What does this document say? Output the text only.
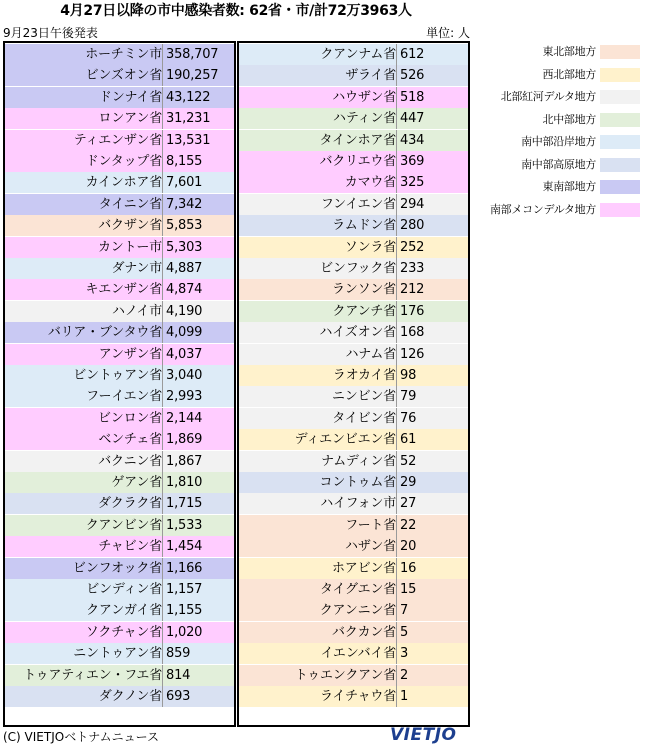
4月27日以降の市中感染者数: 62省・市/計72万3963人
9月23日午後発表	単位: 人
ホーチミン市 358,707
ビンズオン省 190,257
ドンナイ省 43,122
ロンアン省 31,231
ティエンザン省 13,531
ドンタップ省 8,155
カインホア省 7,601
タイニン省 7,342
バクザン省 5,853
カントー市 5,303
ダナン市 4,887
キエンザン省 4,874
ハノイ市 4,190
バリア・ブンタウ省 4,099
アンザン省 4,037
ビントゥアン省 3,040
フーイエン省 2,993
ビンロン省 2,144
ベンチェ省 1,869
バクニン省 1,867
ゲアン省 1,810
ダクラク省 1,715
クアンビン省 1,533
チャビン省 1,454
ビンフオック省 1,166
ビンディン省 1,157
クアンガイ省 1,155
ソクチャン省 1,020
ニントゥアン省 859
トゥアティエン・フエ省 814
ダクノン省 693
クアンナム省 612
ザライ省 526
ハウザン省 518
ハティン省 447
タインホア省 434
バクリエウ省 369
カマウ省 325
フンイエン省 294
ラムドン省 280
ソンラ省 252
ビンフック省 233
ランソン省 212
クアンチ省 176
ハイズオン省 168
ハナム省 126
ラオカイ省 98
ニンビン省 79
タイビン省 76
ディエンビエン省 61
ナムディン省 52
コントゥム省 29
ハイフォン市 27
フート省 22
ハザン省 20
ホアビン省 16
タイグエン省 15
クアンニン省 7
バクカン省 5
イエンバイ省 3
トゥエンクアン省 2
ライチャウ省 1
東北部地方
西北部地方
北部紅河デルタ地方
北中部地方
南中部沿岸地方
南中部高原地方
東南部地方
南部メコンデルタ地方
(C) VIETJOベトナムニュース	VIETJO
